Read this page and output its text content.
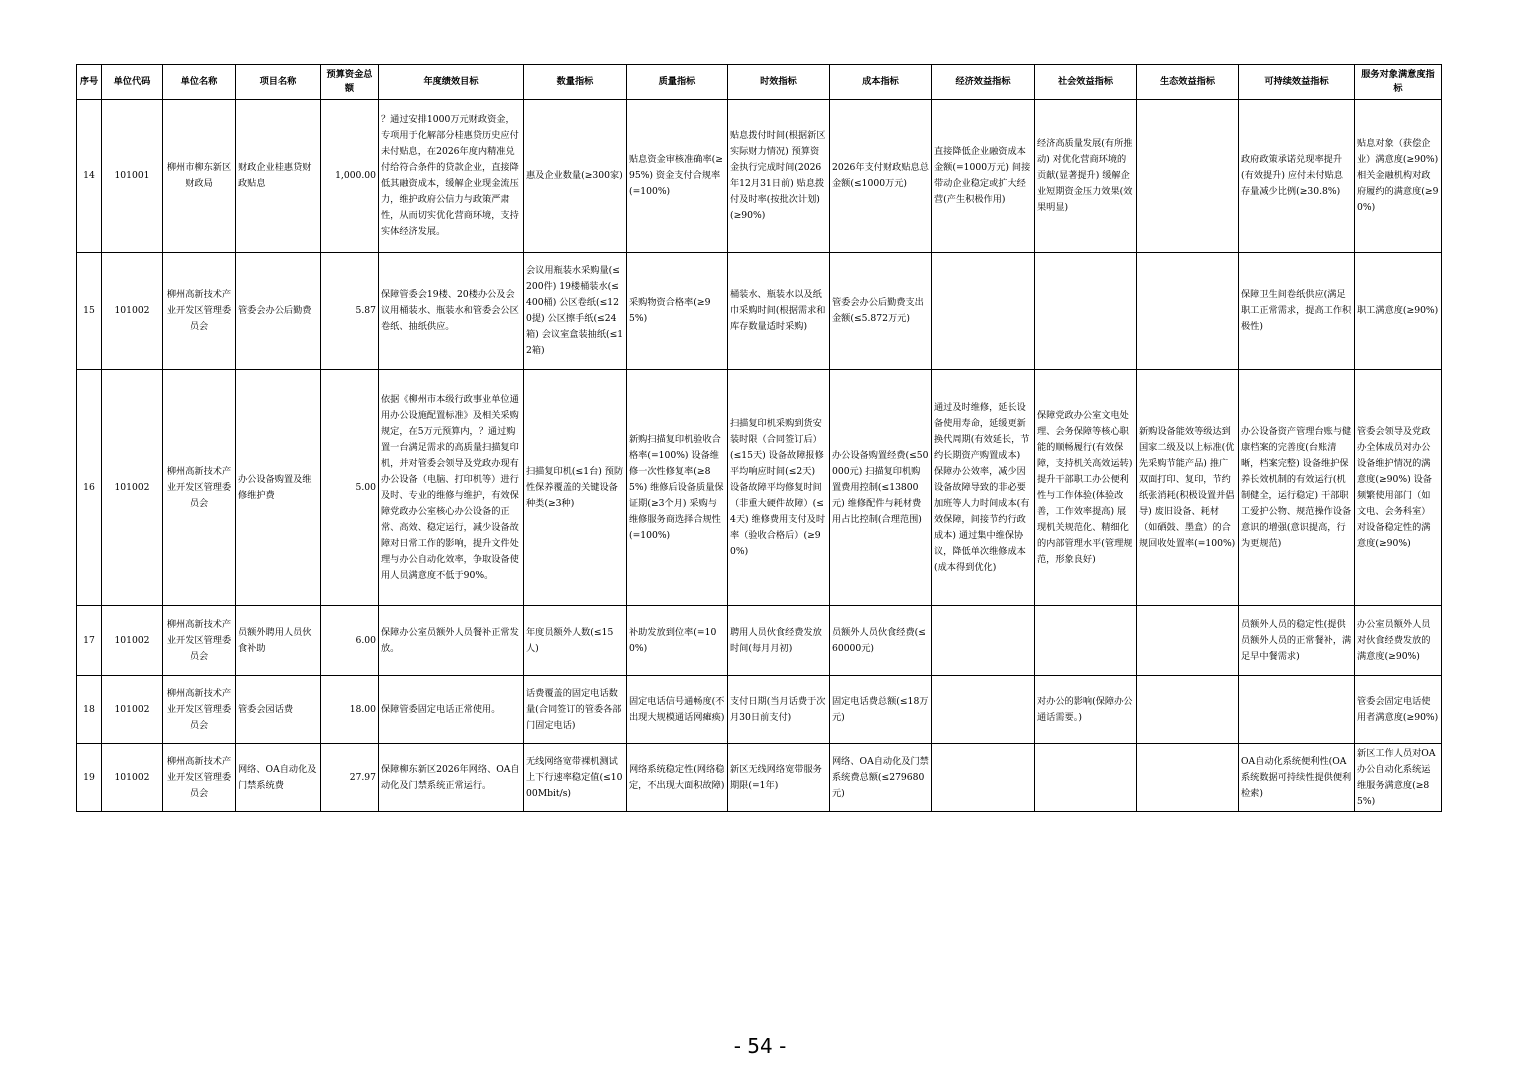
序号	单位代码	单位名称	项目名称	预算资金总额	年度绩效目标	数量指标	质量指标	时效指标	成本指标	经济效益指标	社会效益指标	生态效益指标	可持续效益指标	服务对象满意度指标
14	101001	柳州市柳东新区财政局	财政企业桂惠贷财政贴息	1,000.00	？通过安排1000万元财政资金，专项用于化解部分桂惠贷历史应付未付贴息，在2026年度内精准兑付给符合条件的贷款企业，直接降低其融资成本，缓解企业现金流压力，维护政府公信力与政策严肃性，从而切实优化营商环境，支持实体经济发展。	惠及企业数量(≥300家)	贴息资金审核准确率(≥95%) 资金支付合规率(=100%)	贴息拨付时间(根据新区实际财力情况) 预算资金执行完成时间(2026年12月31日前) 贴息拨付及时率(按批次计划)(≥90%)	2026年支付财政贴息总金额(≤1000万元)	直接降低企业融资成本金额(=1000万元) 间接带动企业稳定或扩大经营(产生积极作用)	经济高质量发展(有所推动) 对优化营商环境的贡献(显著提升) 缓解企业短期资金压力效果(效果明显)		政府政策承诺兑现率提升(有效提升) 应付未付贴息存量减少比例(≥30.8%)	贴息对象（获偿企业）满意度(≥90%) 相关金融机构对政府履约的满意度(≥90%)
15	101002	柳州高新技术产业开发区管理委员会	管委会办公后勤费	5.87	保障管委会19楼、20楼办公及会议用桶装水、瓶装水和管委会公区卷纸、抽纸供应。	会议用瓶装水采购量(≤200件) 19楼桶装水(≤400桶) 公区卷纸(≤120提) 公区擦手纸(≤24箱) 会议室盒装抽纸(≤12箱)	采购物资合格率(≥95%)	桶装水、瓶装水以及纸巾采购时间(根据需求和库存数量适时采购)	管委会办公后勤费支出金额(≤5.872万元)				保障卫生间卷纸供应(满足职工正常需求，提高工作积极性)	职工满意度(≥90%)
16	101002	柳州高新技术产业开发区管理委员会	办公设备购置及维修维护费	5.00	依据《柳州市本级行政事业单位通用办公设施配置标准》及相关采购规定，在5万元预算内，？通过购置一台满足需求的高质量扫描复印机，并对管委会领导及党政办现有办公设备（电脑、打印机等）进行及时、专业的维修与维护，有效保障党政办公室核心办公设备的正常、高效、稳定运行，减少设备故障对日常工作的影响，提升文件处理与办公自动化效率，争取设备使用人员满意度不低于90%。	扫描复印机(≤1台) 预防性保养覆盖的关键设备种类(≥3种)	新购扫描复印机验收合格率(=100%) 设备维修一次性修复率(≥85%) 维修后设备质量保证期(≥3个月) 采购与维修服务商选择合规性(=100%)	扫描复印机采购到货安装时限（合同签订后）(≤15天) 设备故障报修平均响应时间(≤2天) 设备故障平均修复时间（非重大硬件故障）(≤4天) 维修费用支付及时率（验收合格后）(≥90%)	办公设备购置经费(≤50000元) 扫描复印机购置费用控制(≤13800元) 维修配件与耗材费用占比控制(合理范围)	通过及时维修，延长设备使用寿命，延缓更新换代周期(有效延长，节约长期资产购置成本) 保障办公效率，减少因设备故障导致的非必要加班等人力时间成本(有效保障，间接节约行政成本) 通过集中维保协议，降低单次维修成本(成本得到优化)	保障党政办公室文电处理、会务保障等核心职能的顺畅履行(有效保障，支持机关高效运转) 提升干部职工办公便利性与工作体验(体验改善，工作效率提高) 展现机关规范化、精细化的内部管理水平(管理规范，形象良好)	新购设备能效等级达到国家二级及以上标准(优先采购节能产品) 推广双面打印、复印，节约纸张消耗(积极设置并倡导) 废旧设备、耗材（如硒鼓、墨盒）的合规回收处置率(=100%)	办公设备资产管理台账与健康档案的完善度(台账清晰，档案完整) 设备维护保养长效机制的有效运行(机制健全，运行稳定) 干部职工爱护公物、规范操作设备意识的增强(意识提高，行为更规范)	管委会领导及党政办全体成员对办公设备维护情况的满意度(≥90%) 设备频繁使用部门（如文电、会务科室）对设备稳定性的满意度(≥90%)
17	101002	柳州高新技术产业开发区管理委员会	员额外聘用人员伙食补助	6.00	保障办公室员额外人员餐补正常发放。	年度员额外人数(≤15人)	补助发放到位率(=100%)	聘用人员伙食经费发放时间(每月月初)	员额外人员伙食经费(≤60000元)				员额外人员的稳定性(提供员额外人员的正常餐补，满足早中餐需求)	办公室员额外人员对伙食经费发放的满意度(≥90%)
18	101002	柳州高新技术产业开发区管理委员会	管委会园话费	18.00	保障管委固定电话正常使用。	话费覆盖的固定电话数量(合同签订的管委各部门固定电话)	固定电话信号通畅度(不出现大规模通话网瘫痪)	支付日期(当月话费于次月30日前支付)	固定电话费总额(≤18万元)		对办公的影响(保障办公通话需要。)			管委会固定电话使用者满意度(≥90%)
19	101002	柳州高新技术产业开发区管理委员会	网络、OA自动化及门禁系统费	27.97	保障柳东新区2026年网络、OA自动化及门禁系统正常运行。	无线网络宽带裸机测试上下行速率稳定值(≤1000Mbit/s)	网络系统稳定性(网络稳定，不出现大面积故障)	新区无线网络宽带服务期限(=1年)	网络、OA自动化及门禁系统费总额(≤279680元)				OA自动化系统便利性(OA系统数据可持续性提供便利检索)	新区工作人员对OA办公自动化系统运维服务满意度(≥85%)
- 54 -
